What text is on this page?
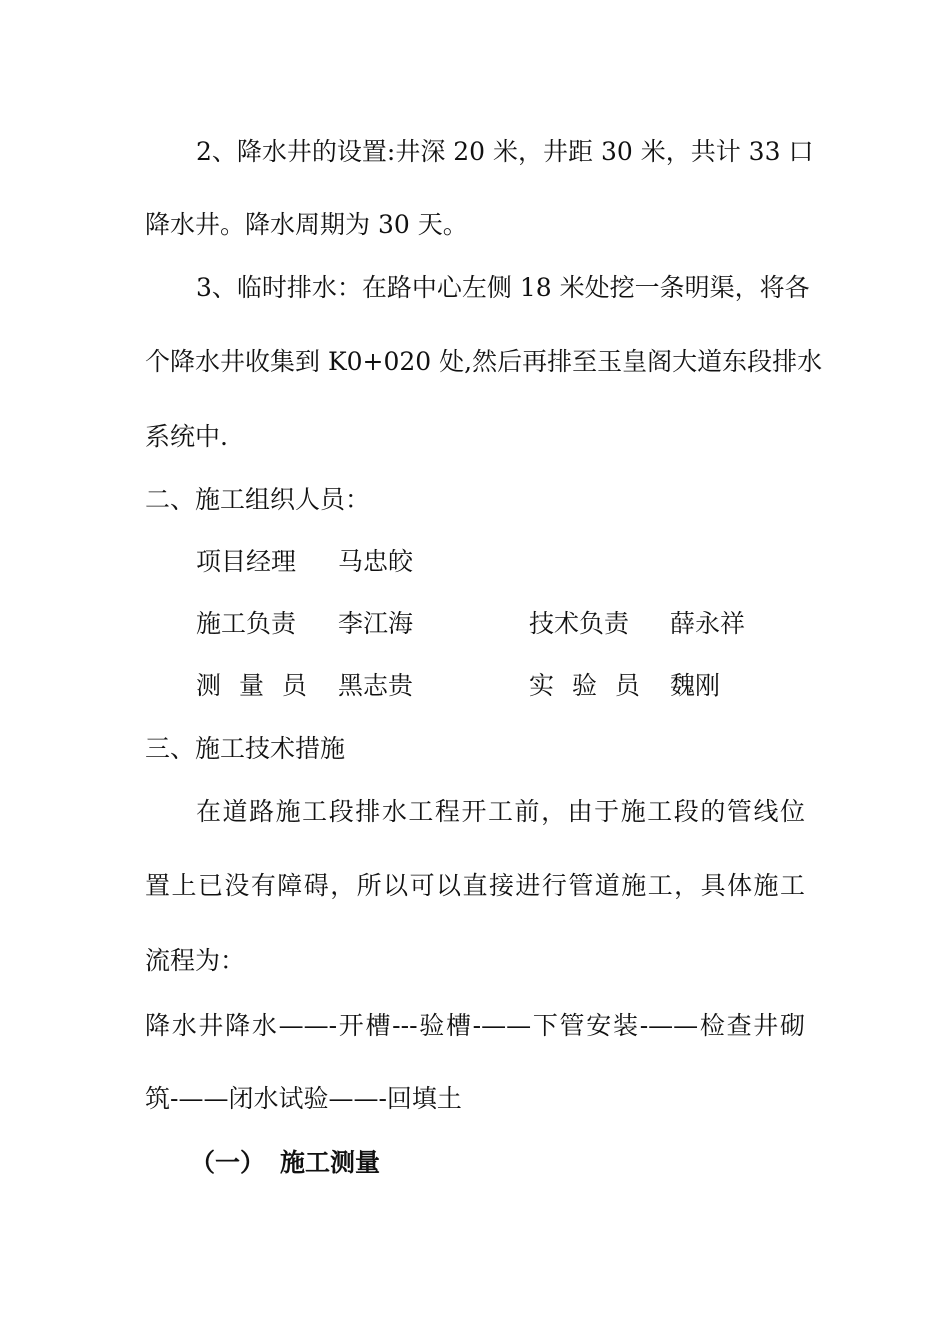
2、降水井的设置:井深 20 米，井距 30 米，共计 33 口
降水井。降水周期为 30 天。
3、临时排水：在路中心左侧 18 米处挖一条明渠，将各
个降水井收集到 K0+020 处,然后再排至玉皇阁大道东段排水
系统中.
二、施工组织人员：
项目经理 马忠皎
施工负责 李江海	技术负责 薛永祥
测 量 员 黑志贵	实 验 员 魏刚
三、施工技术措施
在道路施工段排水工程开工前，由于施工段的管线位
置上已没有障碍，所以可以直接进行管道施工，具体施工
流程为：
降水井降水——-开槽---验槽-——下管安装-——检查井砌
筑-——闭水试验——-回填土
（一） 施工测量
